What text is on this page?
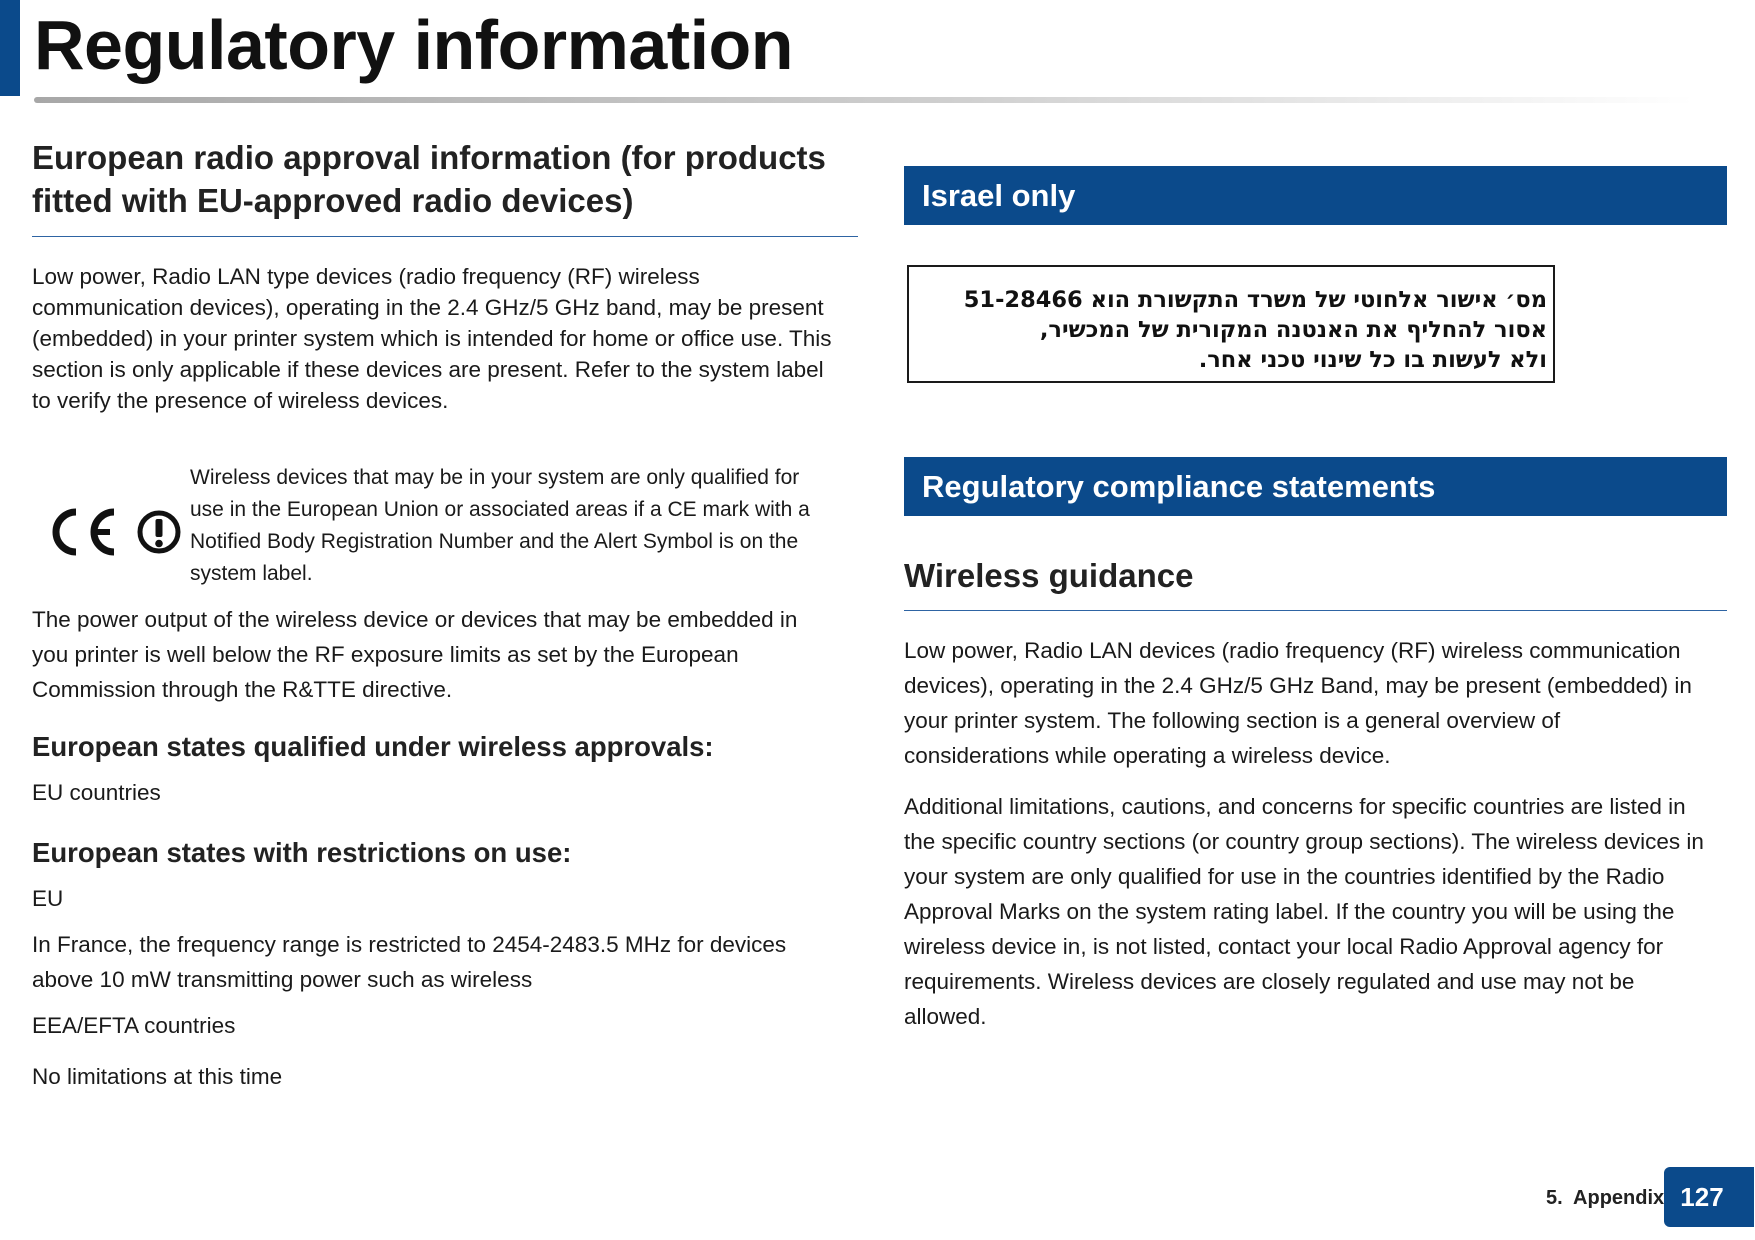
Regulatory information
European radio approval information (for products
fitted with EU-approved radio devices)
Low power, Radio LAN type devices (radio frequency (RF) wireless
communication devices), operating in the 2.4 GHz/5 GHz band, may be present
(embedded) in your printer system which is intended for home or office use. This
section is only applicable if these devices are present. Refer to the system label
to verify the presence of wireless devices.
Wireless devices that may be in your system are only qualified for
use in the European Union or associated areas if a CE mark with a
Notified Body Registration Number and the Alert Symbol is on the
system label.
The power output of the wireless device or devices that may be embedded in
you printer is well below the RF exposure limits as set by the European
Commission through the R&TTE directive.
European states qualified under wireless approvals:
EU countries
European states with restrictions on use:
EU
In France, the frequency range is restricted to 2454-2483.5 MHz for devices
above 10 mW transmitting power such as wireless
EEA/EFTA countries
No limitations at this time
Israel only
מס׳ אישור אלחוטי של משרד התקשורת הוא 51-28466
אסור להחליף את האנטנה המקורית של המכשיר,
ולא לעשות בו כל שינוי טכני אחר.
Regulatory compliance statements
Wireless guidance
Low power, Radio LAN devices (radio frequency (RF) wireless communication
devices), operating in the 2.4 GHz/5 GHz Band, may be present (embedded) in
your printer system. The following section is a general overview of
considerations while operating a wireless device.
Additional limitations, cautions, and concerns for specific countries are listed in
the specific country sections (or country group sections). The wireless devices in
your system are only qualified for use in the countries identified by the Radio
Approval Marks on the system rating label. If the country you will be using the
wireless device in, is not listed, contact your local Radio Approval agency for
requirements. Wireless devices are closely regulated and use may not be
allowed.
5.  Appendix 127
